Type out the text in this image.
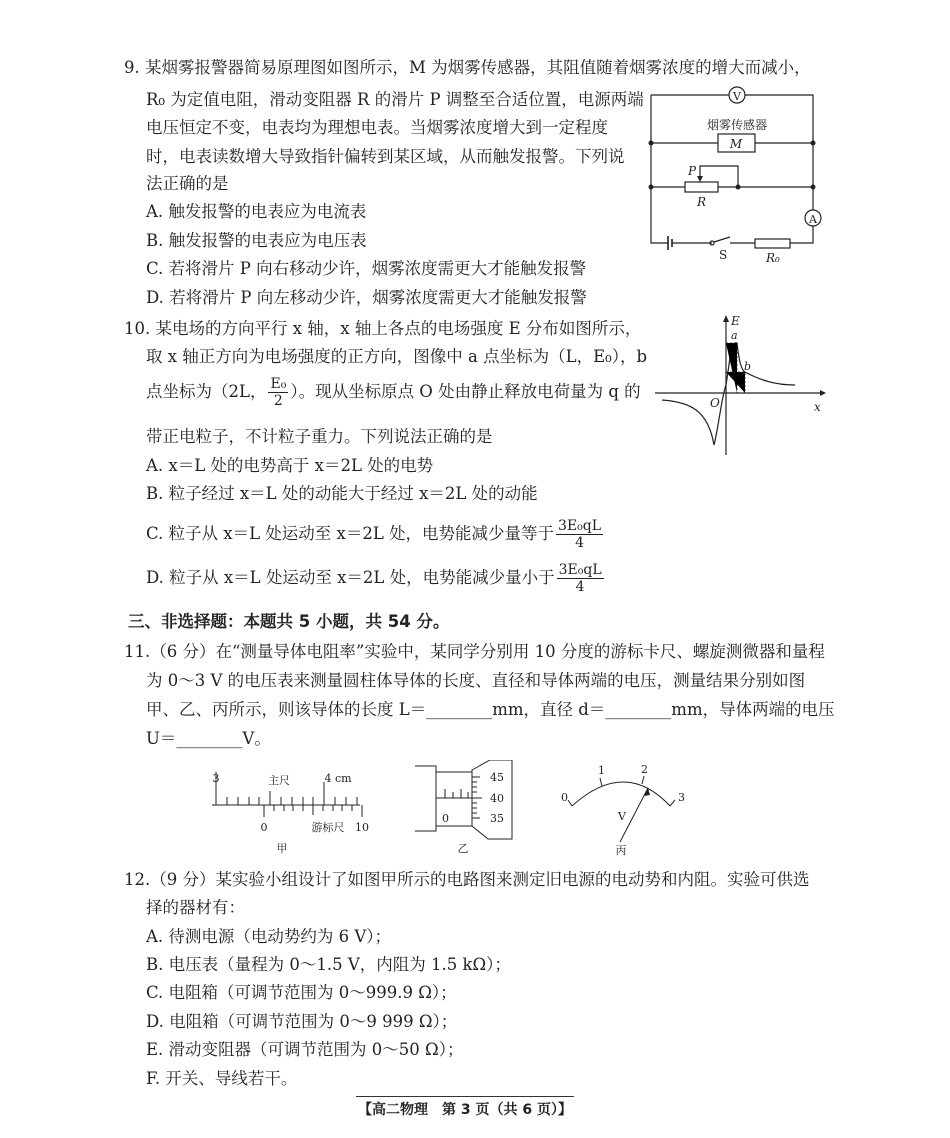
9. 某烟雾报警器简易原理图如图所示，M 为烟雾传感器，其阻值随着烟雾浓度的增大而减小，
R₀ 为定值电阻，滑动变阻器 R 的滑片 P 调整至合适位置，电源两端
电压恒定不变，电表均为理想电表。当烟雾浓度增大到一定程度
时，电表读数增大导致指针偏转到某区域，从而触发报警。下列说
法正确的是
A. 触发报警的电表应为电流表
B. 触发报警的电表应为电压表
C. 若将滑片 P 向右移动少许，烟雾浓度需更大才能触发报警
D. 若将滑片 P 向左移动少许，烟雾浓度需更大才能触发报警
V
A
烟雾传感器
M
P
R
S	R₀
10. 某电场的方向平行 x 轴，x 轴上各点的电场强度 E 分布如图所示，
取 x 轴正方向为电场强度的正方向，图像中 a 点坐标为（L，E₀），b
点坐标为（2L， $\frac{\text{E₀}}{2}$ ）。现从坐标原点 O 处由静止释放电荷量为 q 的
带正电粒子，不计粒子重力。下列说法正确的是
A. x＝L 处的电势高于 x＝2L 处的电势
B. 粒子经过 x＝L 处的动能大于经过 x＝2L 处的动能
C. 粒子从 x＝L 处运动至 x＝2L 处，电势能减少量等于 $\frac{\text{3E₀qL}}{4}$
D. 粒子从 x＝L 处运动至 x＝2L 处，电势能减少量小于 $\frac{\text{3E₀qL}}{4}$
E
x
O
a
b
三、非选择题：本题共 5 小题，共 54 分。
11.（6 分）在“测量导体电阻率”实验中，某同学分别用 10 分度的游标卡尺、螺旋测微器和量程
为 0～3 V 的电压表来测量圆柱体导体的长度、直径和导体两端的电压，测量结果分别如图
甲、乙、丙所示，则该导体的长度 L＝________mm，直径 d＝________mm，导体两端的电压
U＝________V。
3	主尺	4 cm
0	游标尺 10
甲
45
40
35
0
乙
0
1	2
3
V
丙
12.（9 分）某实验小组设计了如图甲所示的电路图来测定旧电源的电动势和内阻。实验可供选
择的器材有：
A. 待测电源（电动势约为 6 V）；
B. 电压表（量程为 0～1.5 V，内阻为 1.5 kΩ）；
C. 电阻箱（可调节范围为 0～999.9 Ω）；
D. 电阻箱（可调节范围为 0～9 999 Ω）；
E. 滑动变阻器（可调节范围为 0～50 Ω）；
F. 开关、导线若干。
【高二物理　第 3 页（共 6 页）】
